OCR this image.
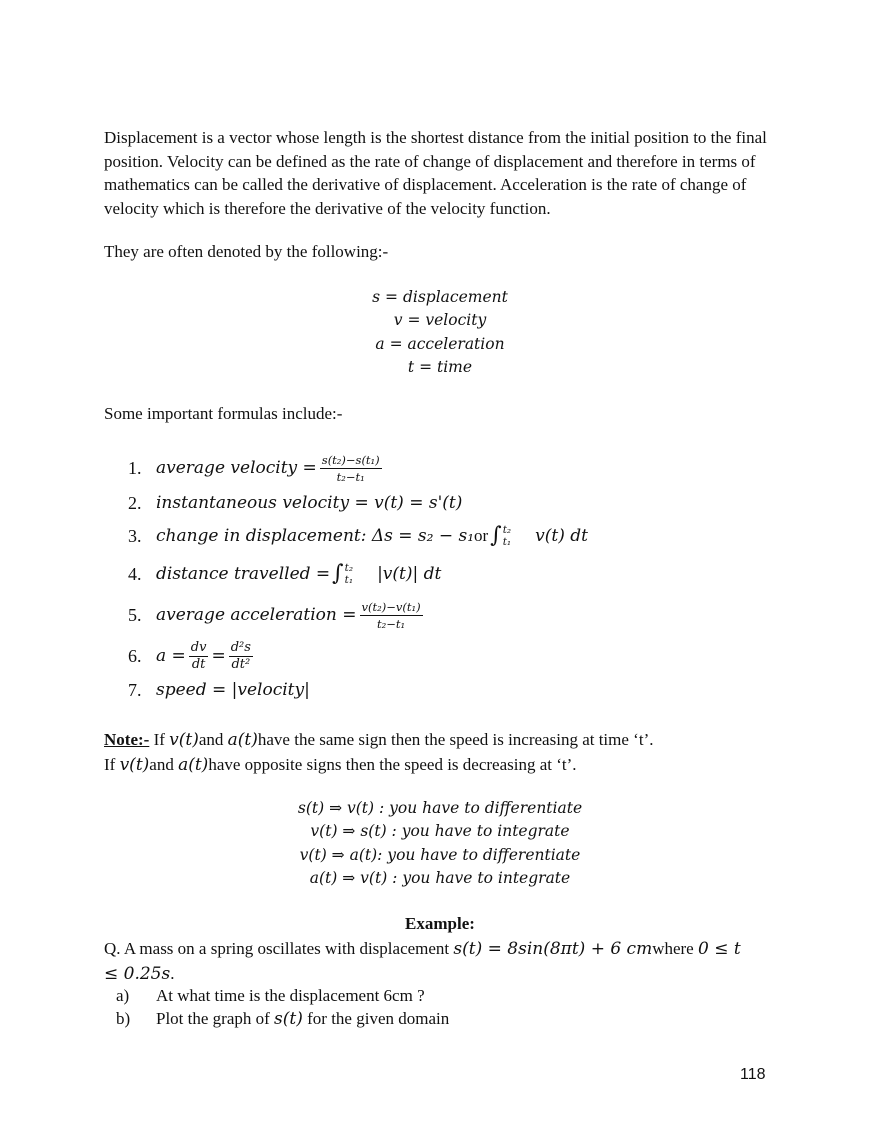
Displacement is a vector whose length is the shortest distance from the initial position to the final position. Velocity can be defined as the rate of change of displacement and therefore in terms of mathematics can be called the derivative of displacement. Acceleration is the rate of change of velocity which is therefore the derivative of the velocity function.

They are often denoted by the following:-

s = displacement
v = velocity
a = acceleration
t = time

Some important formulas include:-

1. average velocity = $\frac{\text{s(t₂)−s(t₁)}}{\text{t₂−t₁}}$
2. instantaneous velocity = v(t) = s'(t)
3. change in displacement: Δs = s₂ − s₁ or ∫ t₂
t₁ v(t) dt
4. distance travelled = ∫ t₂
t₁ |v(t)| dt
5. average acceleration = $\frac{\text{v(t₂)−v(t₁)}}{\text{t₂−t₁}}$
6. $a = \frac{dv}{dt} = \frac{\text{d²s}}{\text{dt²}}$
7. speed = |velocity|
Note:- If v(t)and a(t)have the same sign then the speed is increasing at time ‘t’.
If v(t)and a(t)have opposite signs then the speed is decreasing at ‘t’.
s(t) ⇒ v(t) : you have to differentiate
v(t) ⇒ s(t) : you have to integrate
v(t) ⇒ a(t): you have to differentiate
a(t) ⇒ v(t) : you have to integrate
Example:
Q. A mass on a spring oscillates with displacement s(t) = 8sin(8πt) + 6 cmwhere 0 ≤ t ≤ 0.25s.
a) At what time is the displacement 6cm ?
b) Plot the graph of s(t) for the given domain
118
